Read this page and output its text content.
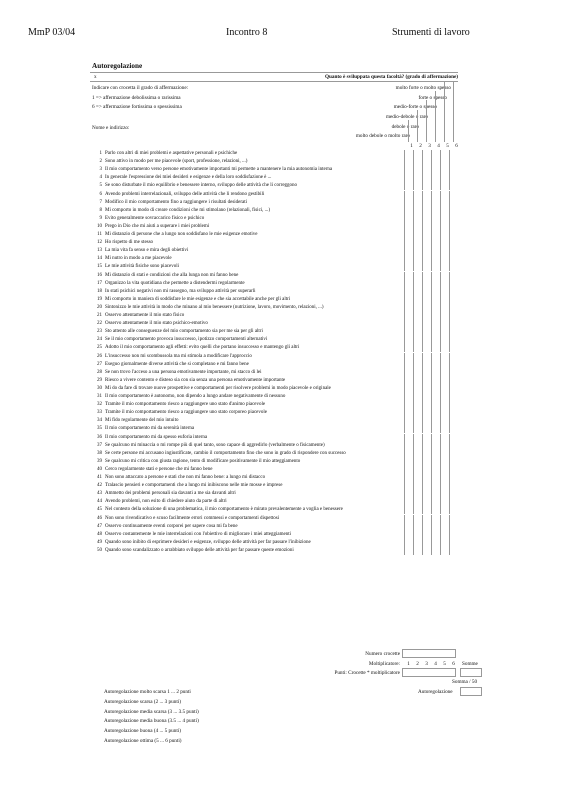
MmP 03/04	Incontro 8	Strumenti di lavoro
Autoregolazione
x	Quanto è sviluppata questa facoltà? (grado di affermazione)
Indicare con crocetta il grado di affermazione:
1 => affermazione debolissima o rarissima
6 => affermazione fortissima o spessissima
Nome e indirizzo:
molto forte o molto spesso
forte o spesso
medio-forte o spesso
medio-debole o raro
debole o raro
molto debole o molto raro
1 2 3 4 5 6
1 Parlo con altri di miei problemi e aspettative personali e psichiche
2 Sono attivo in modo per me piacevole (sport, professione, relazioni, ...)
3 Il mio comportamento verso persone emotivamente importanti mi permette a mantenere la mia autonomia interna
4 In generale l'espressione dei miei desideri e esigenze e della loro soddisfazione è ...
5 Se sono disturbate il mio equilibrio e benessere interno, sviluppo delle attività che li correggono
6 Avendo problemi interrelazionali, sviluppo delle attività che li rendono gestibili
7 Modifico il mio comportamento fino a raggiungere i risultati desiderati
8 Mi comporto in modo di creare condizioni che mi stimolano (relazionali, fisici, ...)
9 Evito generalmente sovraccarico fisico e psichico
10 Prego in Dio che mi aiuti a superare i miei problemi
11 Mi distanzio di persone che a lungo non soddisfano le mie esigenze emotive
12 Ho rispetto di me stesso
13 La mia vita fa senso e mira degli obiettivi
14 Mi nutro in modo a me piacevole
15 Le mie attività fisiche sono piacevoli
16 Mi distanzio di stati e condizioni che alla lunga non mi fanno bene
17 Organizzo la vita quotidiana che permette a distendermi regolarmente
18 In stati psichici negativi non mi rassegno, ma sviluppo attività per superarli
19 Mi comporto in maniera di soddisfare le mie esigenze e che sia accettabile anche per gli altri
20 Sintonizzo le mie attività in modo che minano al mio benessere (nutrizione, lavoro, movimento, relazioni, ...)
21 Osservo attentamente il mio stato fisico
22 Osservo attentamente il mio stato psichico-emotivo
23 Sto attento alle conseguenze del mio comportamento sia per me sia per gli altri
24 Se il mio comportamento provoca insuccesso, ipotizzo comportamenti alternativi
25 Adotto il mio comportamento agli effetti: evito quelli che portano insuccesso e mantengo gli altri
26 L'insuccesso non mi scombussola ma mi stimola a modificare l'approccio
27 Eseguo giornalmente diverse attività che si completano e mi fanno bene
28 Se non trovo l'acceso a una persona emotivamente importante, mi stacco di lei
29 Riesco a vivere contento e disteso sia con sia senza una persona emotivamente importante
30 Mi do da fare di trovare nuove prospettive e comportamenti per risolvere problemi in modo piacevole e originale
31 Il mio comportamento è autonomo, non dipendo a lungo andare negativamente di nessuno
32 Tramite il mio comportamento riesco a raggiungere uno stato d'animo piacevole
33 Tramite il mio comportamento riesco a raggiungere uno stato corporeo piacevole
34 Mi fido regolarmente del mio intuito
35 Il mio comportamento mi da serenità interna
36 Il mio comportamento mi da spesso euforia interna
37 Se qualcuno mi minaccia o mi rompe più di quel tanto, sono capace di aggredirlo (verbalmente o fisicamente)
38 Se certe persone mi accusano ingiustificate, cambio il comportamento fino che sono in grado di rispondere con successo
39 Se qualcuno mi critica con giusta ragione, tento di modificare positivamente il mio atteggiamento
40 Cerco regolarmente stati e persone che mi fanno bene
41 Non sono attaccato a persone e stati che non mi fanno bene: a lungo mi distacco
42 Tralascio pensieri e comportamenti che a lungo mi inibiscono nelle mie mosse e imprese
43 Ammetto dei problemi personali sia davanti a me sia davanti altri
44 Avendo problemi, non esito di chiedere aiuto da parte di altri
45 Nel contesto della soluzione di una problematica, il mio comportamento è mirato prevalentemente a voglia e benessere
46 Non sono rivendicativo e scuso facilmente errori commessi e comportamenti dispettosi
47 Osservo continuamente eventi corporei per sapere cosa mi fa bene
48 Osservo costantemente le mie interrelazioni con l'obiettivo di migliorare i miei atteggiamenti
49 Quando sono inibito di esprimere desideri e esigenze, sviluppo delle attività per far passare l'inibizione
50 Quando sono scandalizzato o arrabbiato sviluppo delle attività per far passare queste emozioni
Numero crocette
Moltiplicatore:	1 2 3 4 5 6	Somme
Punti: Crocette * moltiplicatore
Somma / 50
Autoregolazione
Autoregolazione molto scarsa 1 ... 2 punti
Autoregolazione scarsa (2 ... 3 punti)
Autoregolazione media scarsa (3 ... 3.5 punti)
Autoregolazione media buona (3.5 ... 4 punti)
Autoregolazione buona (4 ... 5 punti)
Autoregolazione ottima (5 ... 6 punti)
